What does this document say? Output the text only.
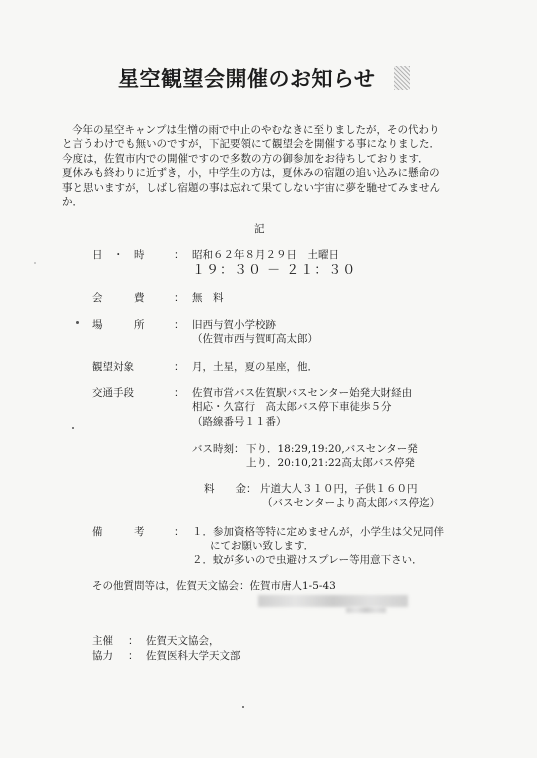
星空観望会開催のお知らせ
今年の星空キャンプは生憎の雨で中止のやむなきに至りましたが，その代わり
と言うわけでも無いのですが，下記要領にて観望会を開催する事になりました．
今度は，佐賀市内での開催ですので多数の方の御参加をお待ちしております．
夏休みも終わりに近ずき，小，中学生の方は，夏休みの宿題の追い込みに懸命の
事と思いますが，しばし宿題の事は忘れて果てしない宇宙に夢を馳せてみません
か．
記
日　・　時	： 昭和６２年８月２９日　土曜日
１９：３０ － ２１：３０
会　　　費	： 無　料
場　　　所	： 旧西与賀小学校跡
（佐賀市西与賀町高太郎）
観望対象	： 月，土星，夏の星座，他．
交通手段	： 佐賀市営バス佐賀駅バスセンター始発大財経由
相応・久富行　高太郎バス停下車徒歩５分
（路線番号１１番）
バス時刻： 下り．18:29,19:20,バスセンター発
上り．20:10,21:22高太郎バス停発
料　　金： 片道大人３１０円，子供１６０円
（バスセンターより高太郎バス停迄）
備　　　考	： １．参加資格等特に定めませんが，小学生は父兄同伴
にてお願い致します．
２．蚊が多いので虫避けスプレー等用意下さい．
その他質問等は，佐賀天文協会：佐賀市唐人1-5-43
主催 ： 佐賀天文協会，
協力 ： 佐賀医科大学天文部
